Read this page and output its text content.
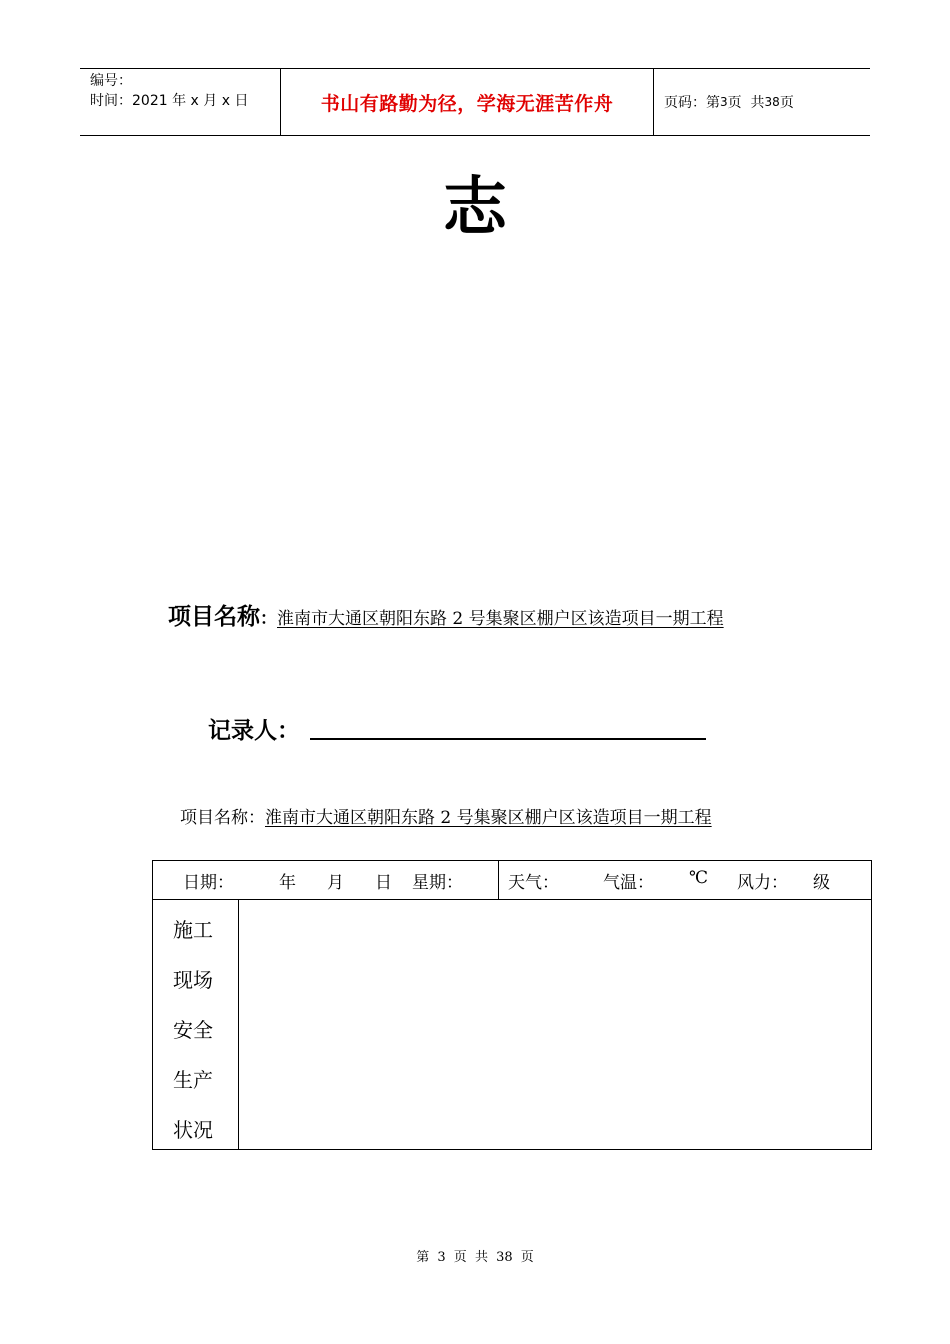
编号：
时间：2021 年 x 月 x 日	书山有路勤为径，学海无涯苦作舟	页码：第 3 页  共 38 页
志
项目名称：淮南市大通区朝阳东路 2 号集聚区棚户区该造项目一期工程
记录人：
项目名称：淮南市大通区朝阳东路 2 号集聚区棚户区该造项目一期工程
日期：	年 月 日 星期：	天气：	气温： ℃ 风力： 级
施工
现场
安全
生产
状况
第 3 页 共 38 页
